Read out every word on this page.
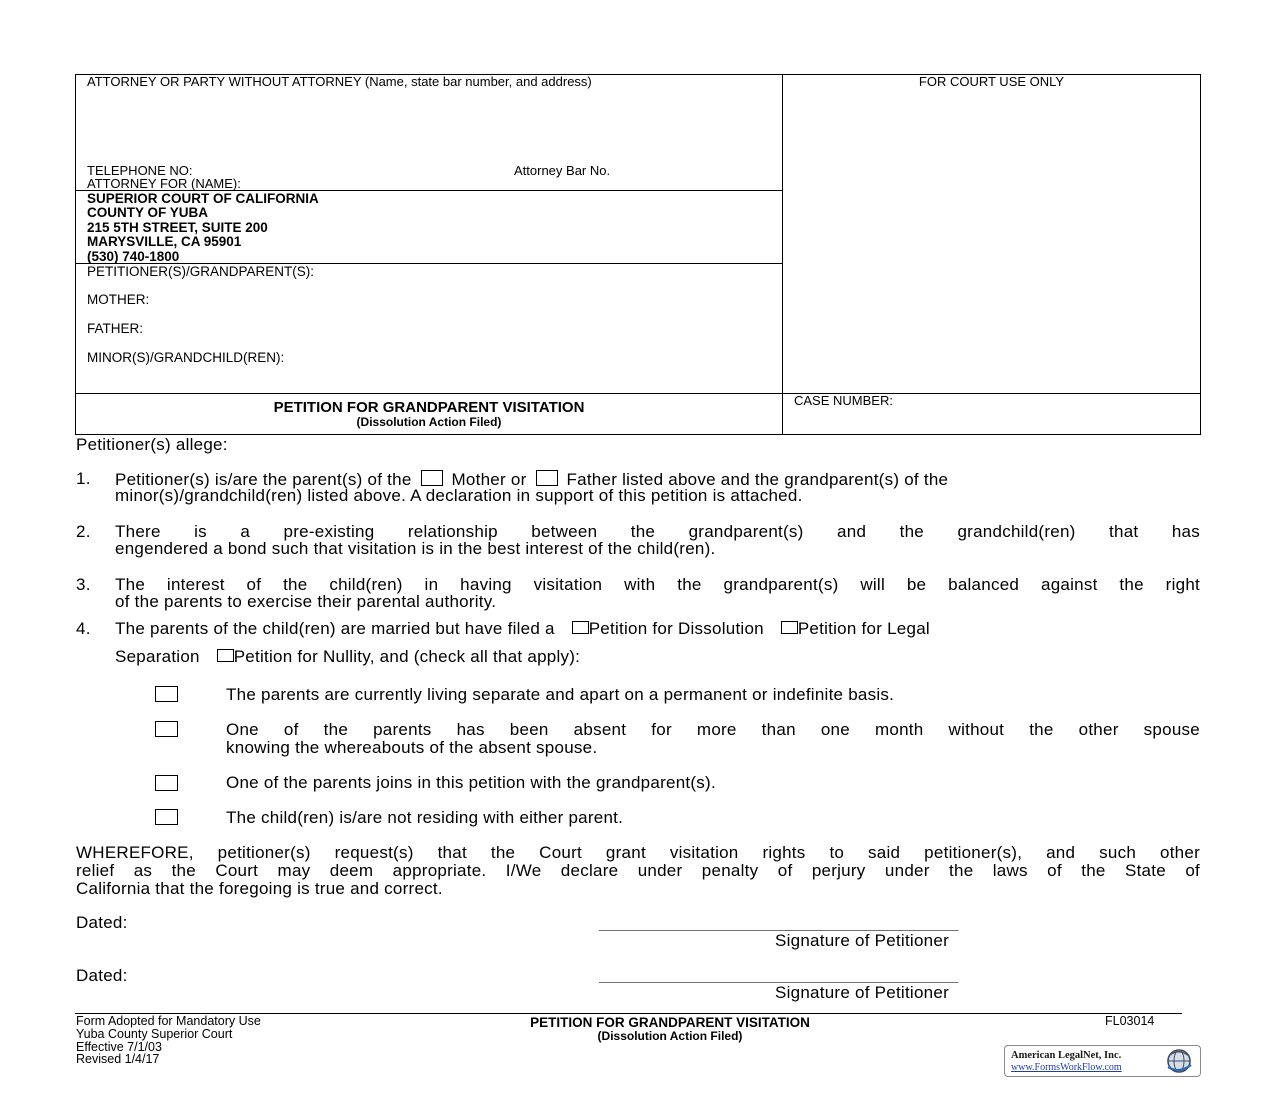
ATTORNEY OR PARTY WITHOUT ATTORNEY (Name, state bar number, and address)	FOR COURT USE ONLY
TELEPHONE NO:	Attorney Bar No.
ATTORNEY FOR (NAME):
SUPERIOR COURT OF CALIFORNIA
COUNTY OF YUBA
215 5TH STREET, SUITE 200
MARYSVILLE, CA 95901
(530) 740-1800
PETITIONER(S)/GRANDPARENT(S):
MOTHER:
FATHER:
MINOR(S)/GRANDCHILD(REN):
PETITION FOR GRANDPARENT VISITATION
(Dissolution Action Filed)
CASE NUMBER:
Petitioner(s) allege:
1. Petitioner(s) is/are the parent(s) of the Mother or Father listed above and the grandparent(s) of the
minor(s)/grandchild(ren) listed above. A declaration in support of this petition is attached.
2. There is a pre-existing relationship between the grandparent(s) and the grandchild(ren) that has
engendered a bond such that visitation is in the best interest of the child(ren).
3. The interest of the child(ren) in having visitation with the grandparent(s) will be balanced against the right
of the parents to exercise their parental authority.
4. The parents of the child(ren) are married but have filed a Petition for Dissolution Petition for Legal
Separation Petition for Nullity, and (check all that apply):
The parents are currently living separate and apart on a permanent or indefinite basis.
One of the parents has been absent for more than one month without the other spouse
knowing the whereabouts of the absent spouse.
One of the parents joins in this petition with the grandparent(s).
The child(ren) is/are not residing with either parent.
WHEREFORE, petitioner(s) request(s) that the Court grant visitation rights to said petitioner(s), and such other
relief as the Court may deem appropriate. I/We declare under penalty of perjury under the laws of the State of
California that the foregoing is true and correct.
Dated:	______________________________________
Signature of Petitioner
Dated:	______________________________________
Signature of Petitioner
Form Adopted for Mandatory Use
Yuba County Superior Court
Effective 7/1/03
Revised 1/4/17
PETITION FOR GRANDPARENT VISITATION
(Dissolution Action Filed)
FL03014
American LegalNet, Inc.
www.FormsWorkFlow.com
